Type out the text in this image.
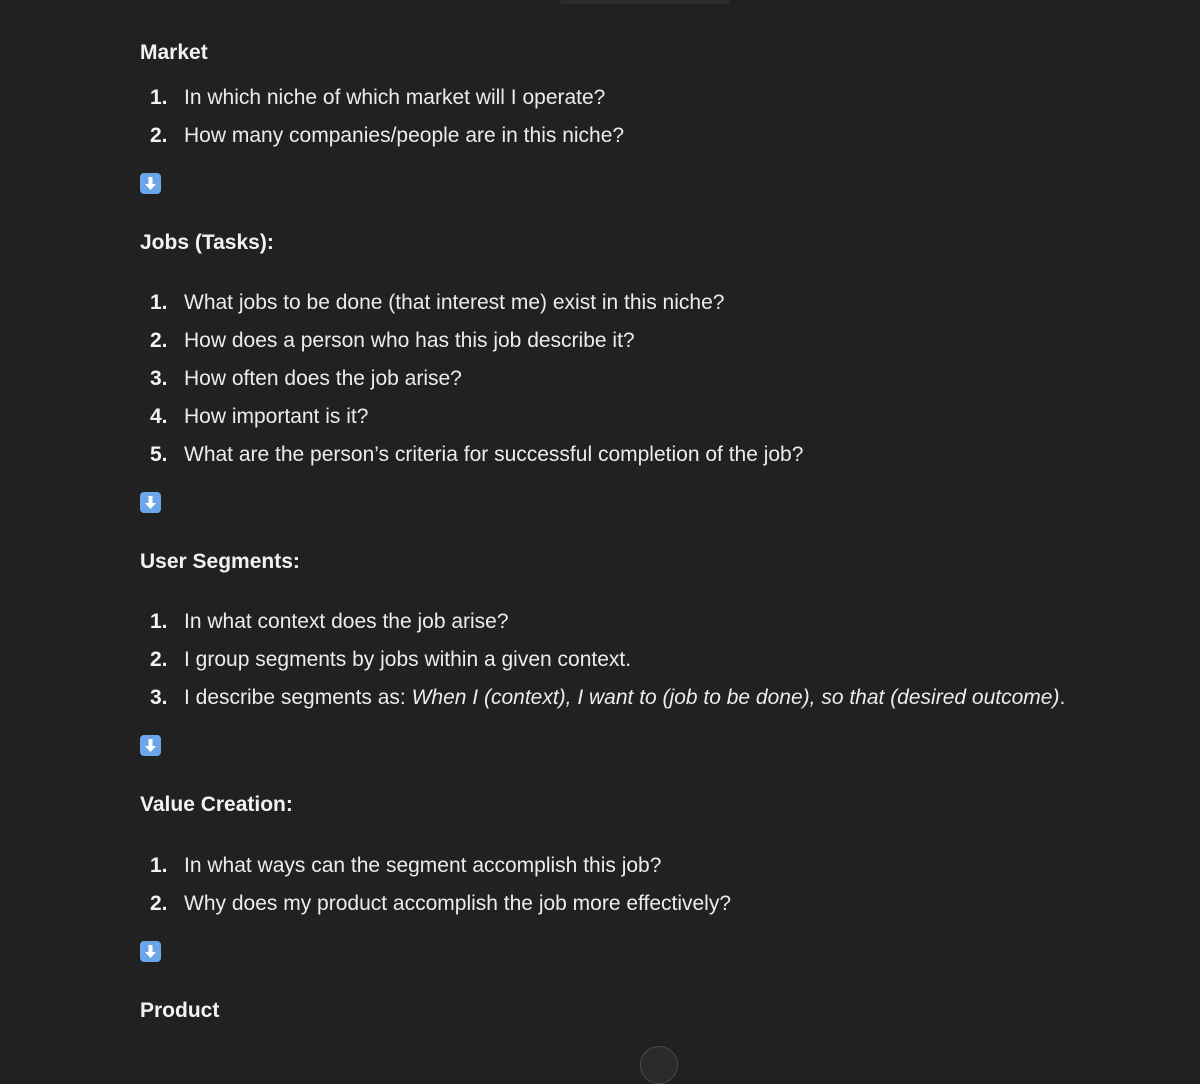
Market
1. In which niche of which market will I operate?
2. How many companies/people are in this niche?
Jobs (Tasks):
1. What jobs to be done (that interest me) exist in this niche?
2. How does a person who has this job describe it?
3. How often does the job arise?
4. How important is it?
5. What are the person’s criteria for successful completion of the job?
User Segments:
1. In what context does the job arise?
2. I group segments by jobs within a given context.
3. I describe segments as: When I (context), I want to (job to be done), so that (desired outcome) .
Value Creation:
1. In what ways can the segment accomplish this job?
2. Why does my product accomplish the job more effectively?
Product
